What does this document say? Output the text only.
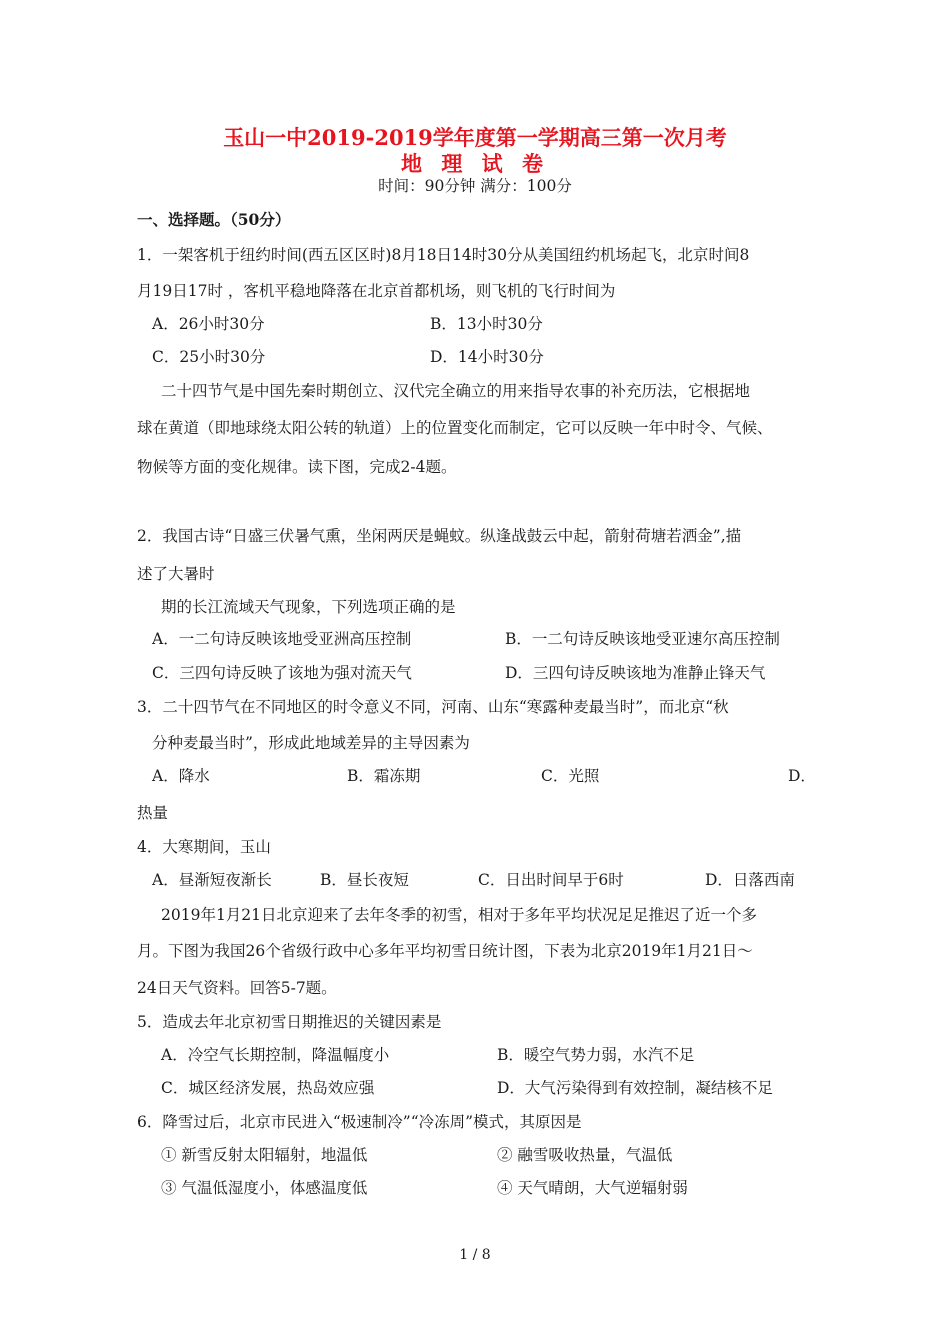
玉山一中2019-2019学年度第一学期高三第一次月考
地 理 试 卷
时间：90分钟 满分：100分
一、选择题。（50分）
1．一架客机于纽约时间(西五区区时)8月18日14时30分从美国纽约机场起飞，北京时间8
月19日17时 ，客机平稳地降落在北京首都机场，则飞机的飞行时间为
A．26小时30分	B．13小时30分
C．25小时30分	D．14小时30分
二十四节气是中国先秦时期创立、汉代完全确立的用来指导农事的补充历法，它根据地
球在黄道（即地球绕太阳公转的轨道）上的位置变化而制定，它可以反映一年中时令、气候、
物候等方面的变化规律。读下图，完成2-4题。
2．我国古诗“日盛三伏暑气熏，坐闲两厌是蝇蚊。纵逢战鼓云中起，箭射荷塘若洒金”,描
述了大暑时
期的长江流域天气现象，下列选项正确的是
A．一二句诗反映该地受亚洲高压控制	B．一二句诗反映该地受亚速尔高压控制
C．三四句诗反映了该地为强对流天气	D．三四句诗反映该地为准静止锋天气
3．二十四节气在不同地区的时令意义不同，河南、山东“寒露种麦最当时”，而北京“秋
分种麦最当时”，形成此地域差异的主导因素为
A．降水	B．霜冻期	C．光照	D．
热量
4．大寒期间，玉山
A．昼渐短夜渐长	B．昼长夜短	C．日出时间早于6时	D．日落西南
2019年1月21日北京迎来了去年冬季的初雪，相对于多年平均状况足足推迟了近一个多
月。下图为我国26个省级行政中心多年平均初雪日统计图，下表为北京2019年1月21日～
24日天气资料。回答5-7题。
5．造成去年北京初雪日期推迟的关键因素是
A．冷空气长期控制，降温幅度小	B．暖空气势力弱，水汽不足
C．城区经济发展，热岛效应强	D．大气污染得到有效控制，凝结核不足
6．降雪过后，北京市民进入“极速制冷”“冷冻周”模式，其原因是
① 新雪反射太阳辐射，地温低	② 融雪吸收热量，气温低
③ 气温低湿度小，体感温度低	④ 天气晴朗，大气逆辐射弱
1 / 8
